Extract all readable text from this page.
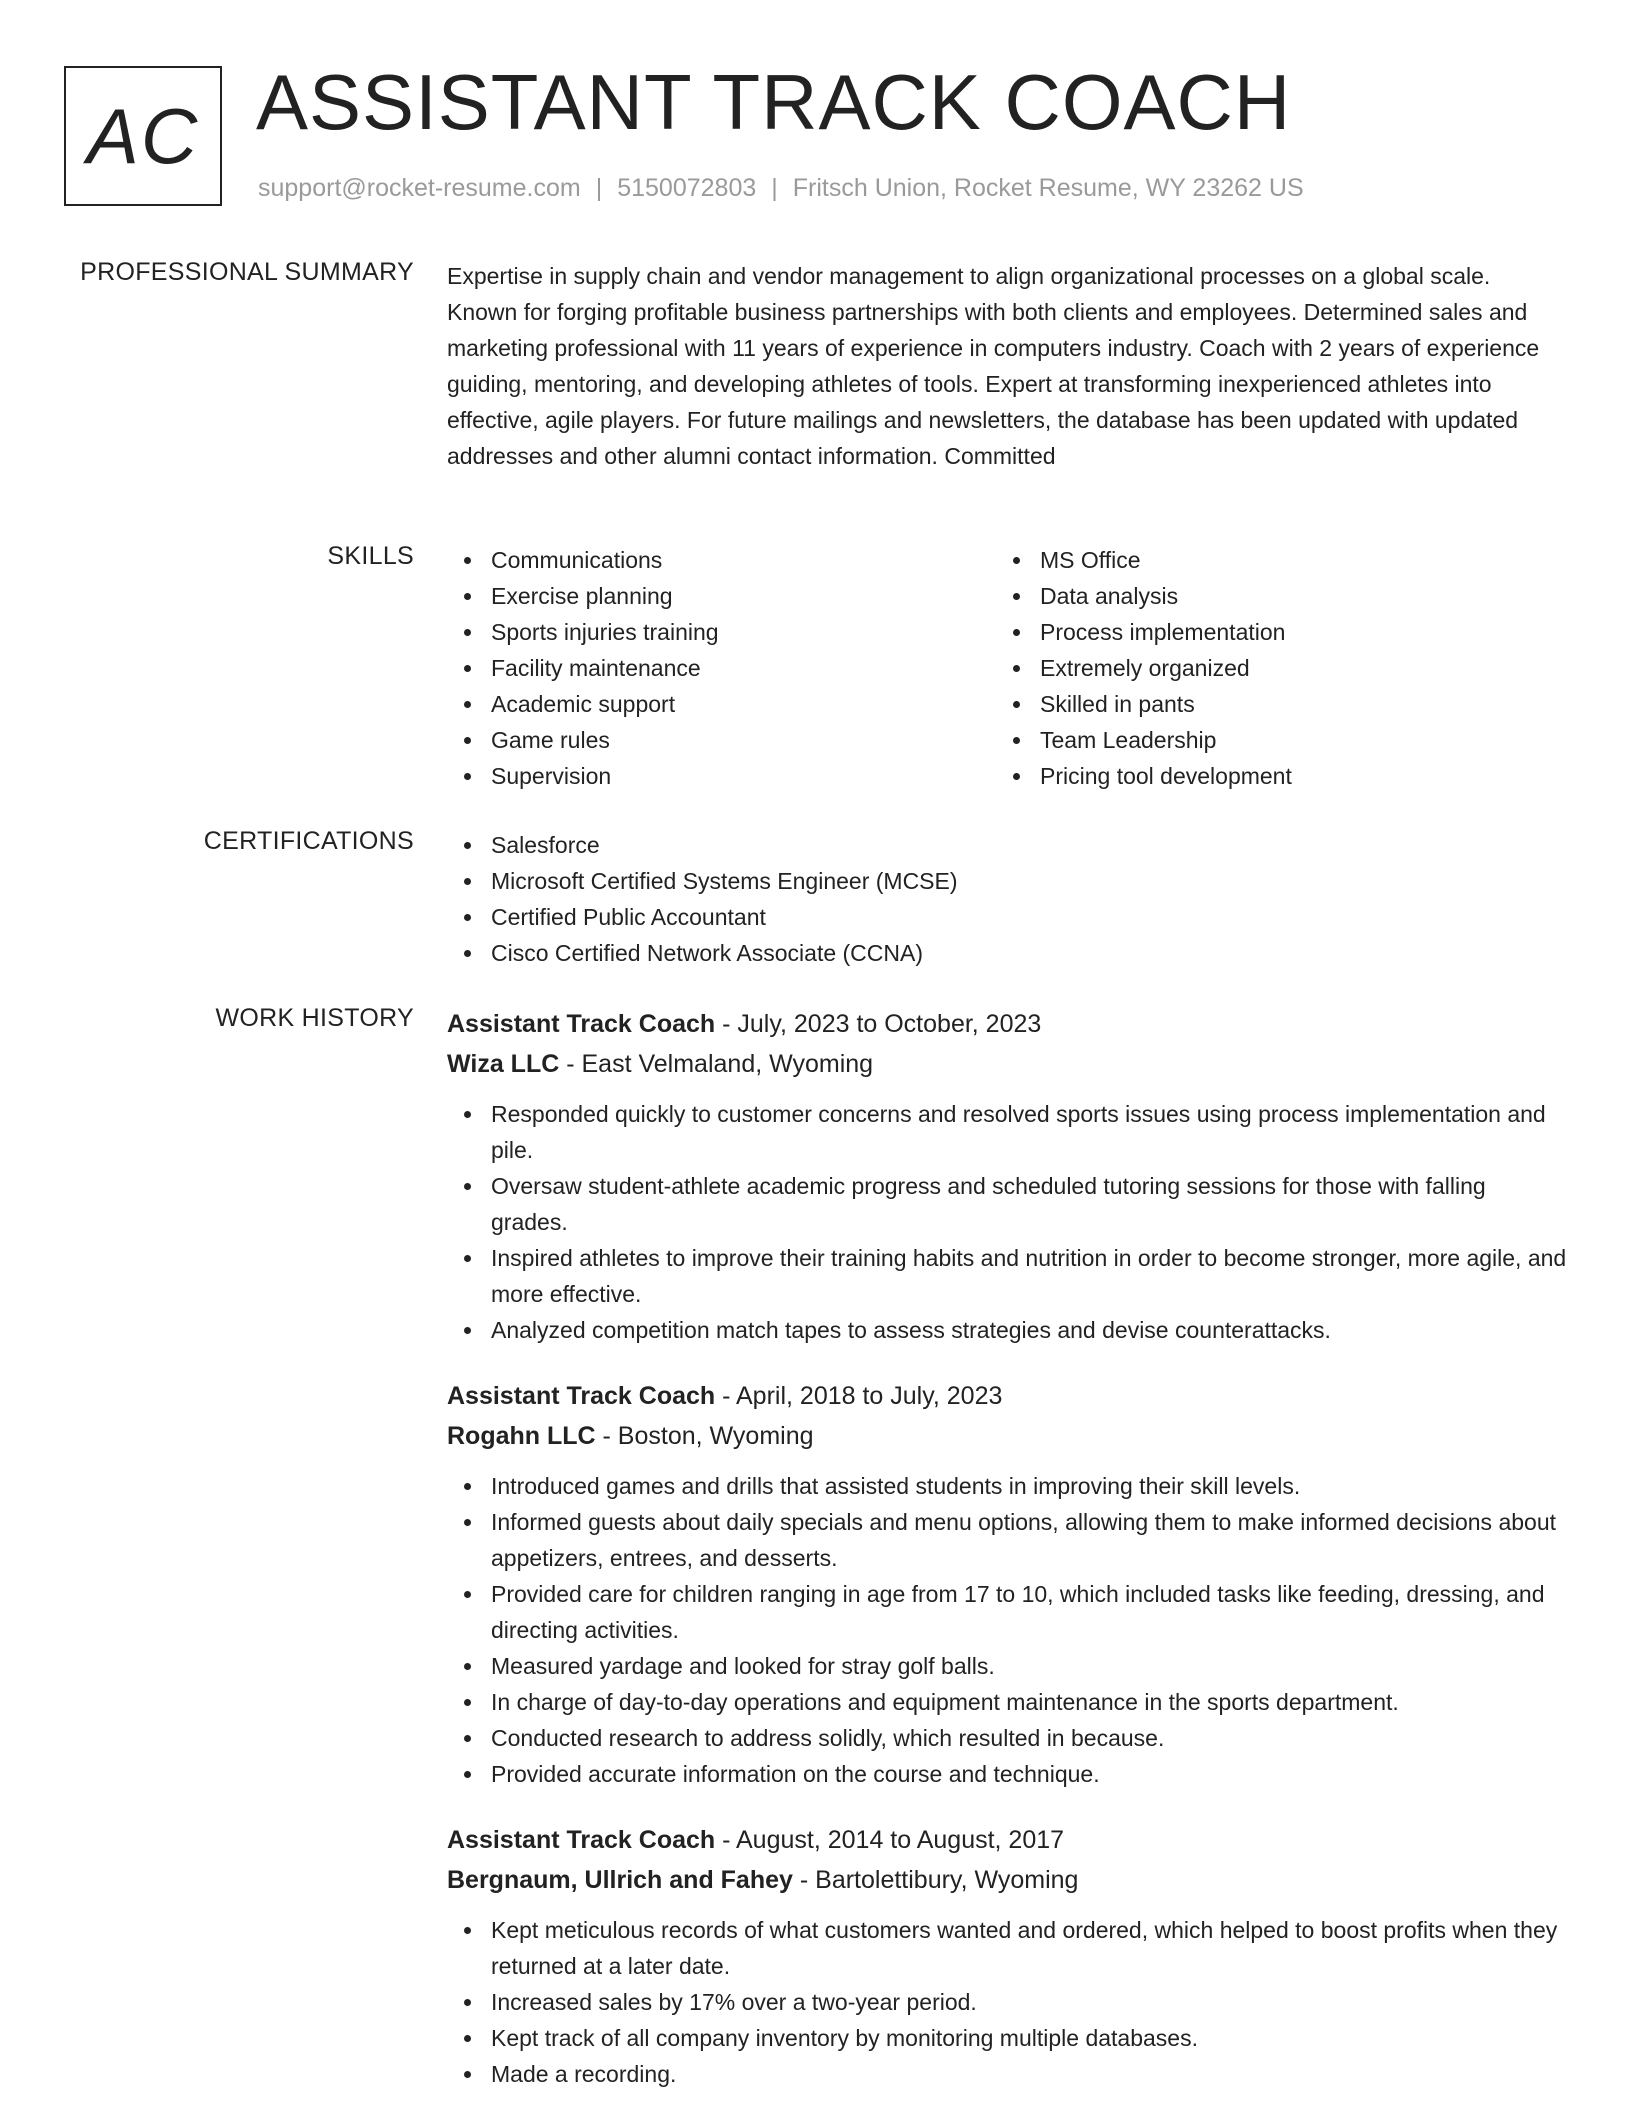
AC ASSISTANT TRACK COACH
support@rocket-resume.com | 5150072803 | Fritsch Union, Rocket Resume, WY 23262 US
PROFESSIONAL SUMMARY Expertise in supply chain and vendor management to align organizational processes on a global scale. Known for forging profitable business partnerships with both clients and employees. Determined sales and marketing professional with 11 years of experience in computers industry. Coach with 2 years of experience guiding, mentoring, and developing athletes of tools. Expert at transforming inexperienced athletes into effective, agile players. For future mailings and newsletters, the database has been updated with updated addresses and other alumni contact information. Committed

SKILLS	Communications
Exercise planning
Sports injuries training
Facility maintenance
Academic support
Game rules
Supervision
MS Office
Data analysis
Process implementation
Extremely organized
Skilled in pants
Team Leadership
Pricing tool development
CERTIFICATIONS	Salesforce
Microsoft Certified Systems Engineer (MCSE)
Certified Public Accountant
Cisco Certified Network Associate (CCNA)
WORK HISTORY Assistant Track Coach - July, 2023 to October, 2023
Wiza LLC - East Velmaland, Wyoming
Responded quickly to customer concerns and resolved sports issues using process implementation and pile.
Oversaw student-athlete academic progress and scheduled tutoring sessions for those with falling grades.
Inspired athletes to improve their training habits and nutrition in order to become stronger, more agile, and more effective.
Analyzed competition match tapes to assess strategies and devise counterattacks.
Assistant Track Coach - April, 2018 to July, 2023
Rogahn LLC - Boston, Wyoming
Introduced games and drills that assisted students in improving their skill levels.
Informed guests about daily specials and menu options, allowing them to make informed decisions about appetizers, entrees, and desserts.
Provided care for children ranging in age from 17 to 10, which included tasks like feeding, dressing, and directing activities.
Measured yardage and looked for stray golf balls.
In charge of day-to-day operations and equipment maintenance in the sports department.
Conducted research to address solidly, which resulted in because.
Provided accurate information on the course and technique.
Assistant Track Coach - August, 2014 to August, 2017
Bergnaum, Ullrich and Fahey - Bartolettibury, Wyoming
Kept meticulous records of what customers wanted and ordered, which helped to boost profits when they returned at a later date.
Increased sales by 17% over a two-year period.
Kept track of all company inventory by monitoring multiple databases.
Made a recording.
